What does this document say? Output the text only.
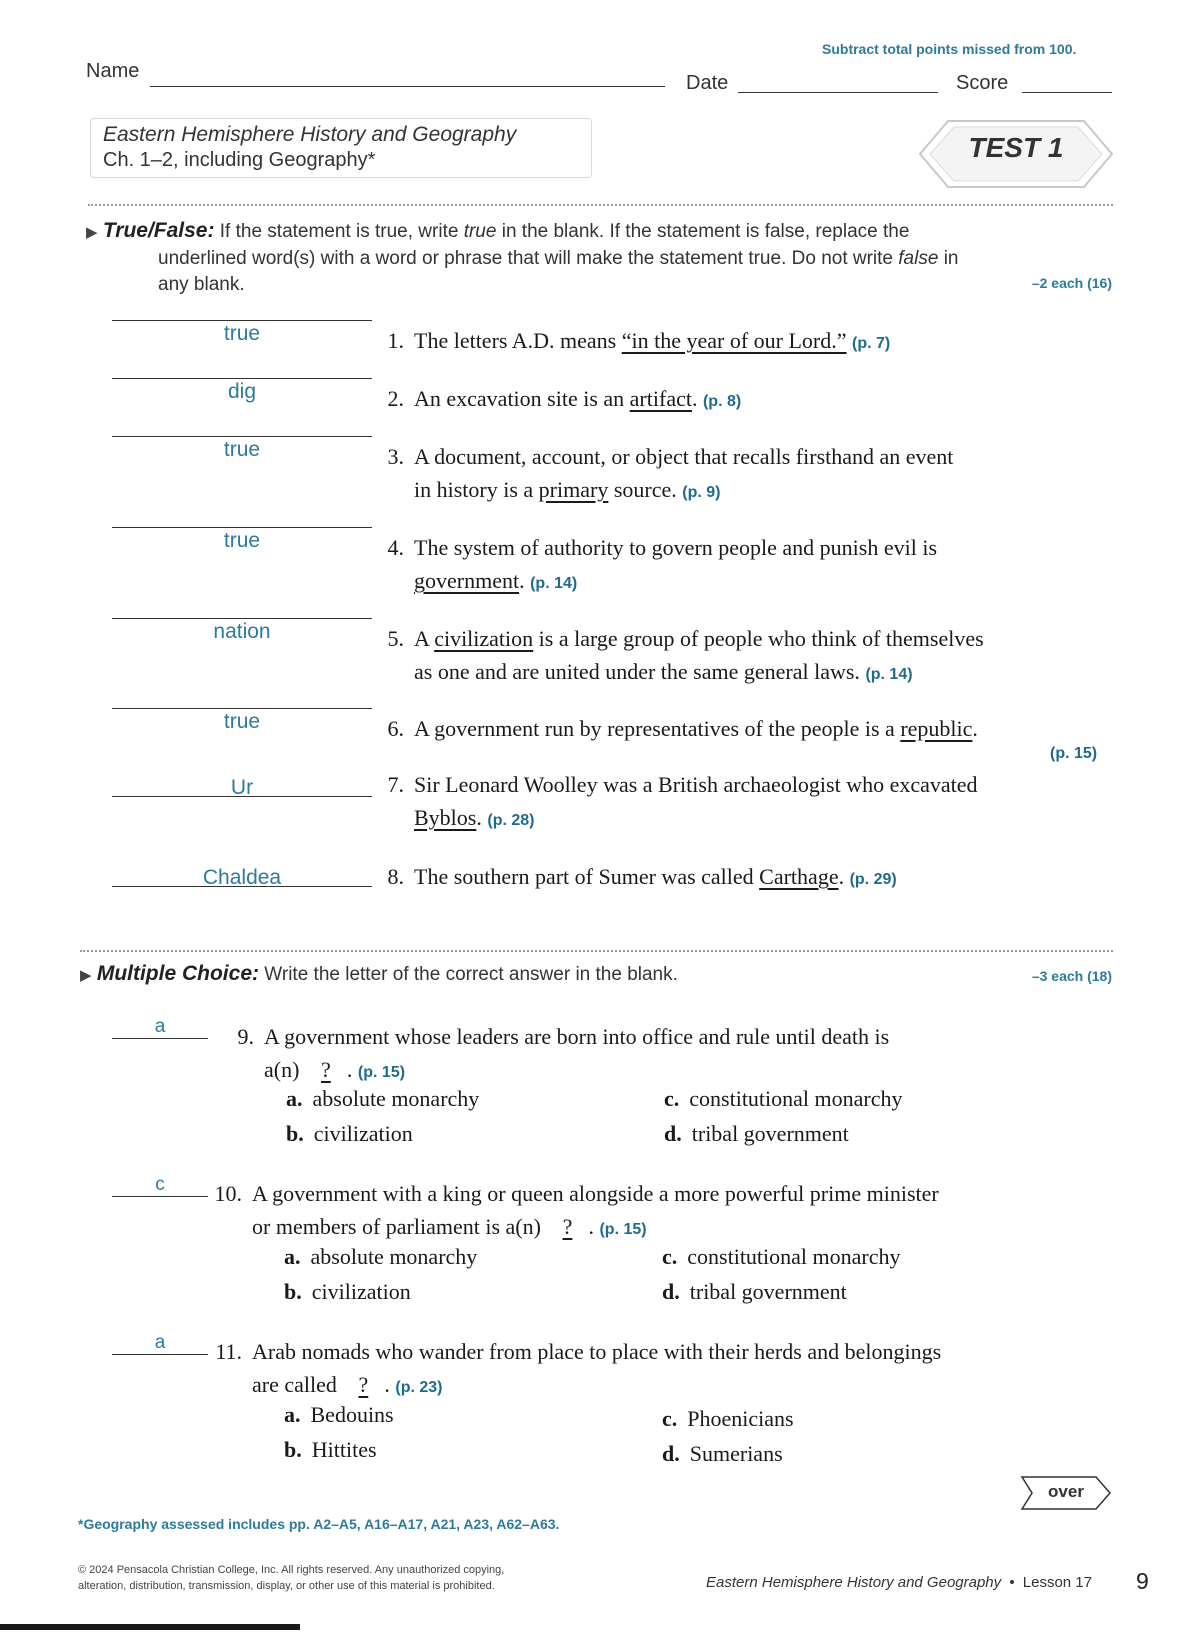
Subtract total points missed from 100.
Name
Date	Score
Eastern Hemisphere History and Geography
Ch. 1–2, including Geography*	TEST 1
▶ True/False: If the statement is true, write true in the blank. If the statement is false, replace the
underlined word(s) with a word or phrase that will make the statement true. Do not write false in
any blank.	–2 each (16)
true	1. The letters A.D. means “in the year of our Lord.” (p. 7)
dig	2. An excavation site is an artifact. (p. 8)
true	3. A document, account, or object that recalls firsthand an event
in history is a primary source. (p. 9)
true	4. The system of authority to govern people and punish evil is
government. (p. 14)
nation	5. A civilization is a large group of people who think of themselves
as one and are united under the same general laws. (p. 14)
true	6. A government run by representatives of the people is a republic.
(p. 15)
Ur	7. Sir Leonard Woolley was a British archaeologist who excavated
Byblos. (p. 28)
Chaldea	8. The southern part of Sumer was called Carthage. (p. 29)
▶ Multiple Choice: Write the letter of the correct answer in the blank.	–3 each (18)
a	9. A government whose leaders are born into office and rule until death is
a(n) ? . (p. 15)
a. absolute monarchy
b. civilization
c. constitutional monarchy
d. tribal government
c	10. A government with a king or queen alongside a more powerful prime minister
or members of parliament is a(n) ? . (p. 15)
a. absolute monarchy
b. civilization
c. constitutional monarchy
d. tribal government
a	11. Arab nomads who wander from place to place with their herds and belongings
are called ? . (p. 23)
a. Bedouins
b. Hittites
c. Phoenicians
d. Sumerians
over
*Geography assessed includes pp. A2–A5, A16–A17, A21, A23, A62–A63.
© 2024 Pensacola Christian College, Inc. All rights reserved. Any unauthorized copying,
alteration, distribution, transmission, display, or other use of this material is prohibited.	Eastern Hemisphere History and Geography • Lesson 17 9
